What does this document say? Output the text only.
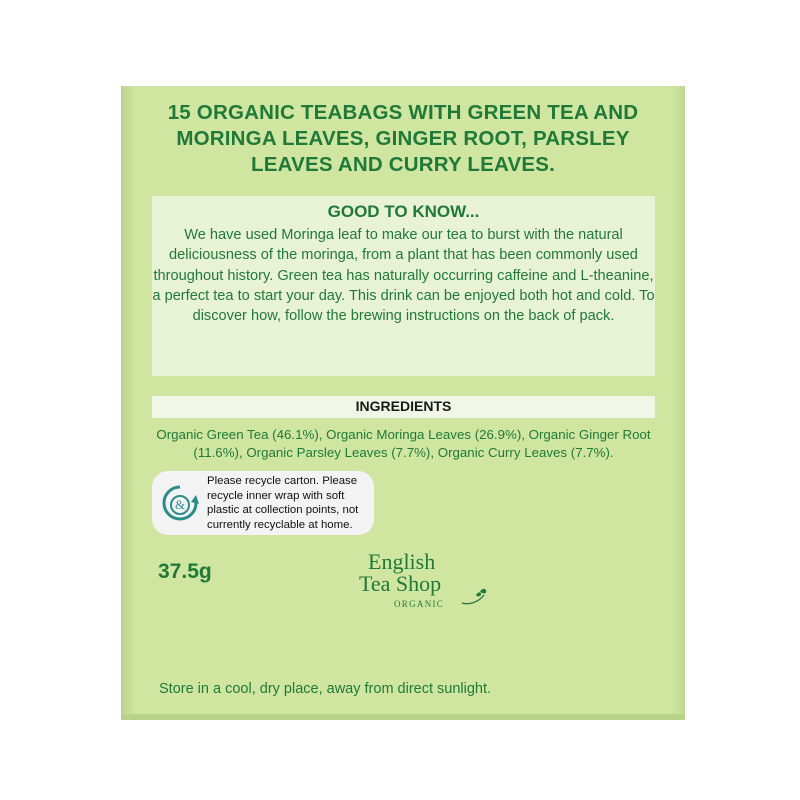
15 ORGANIC TEABAGS WITH GREEN TEA AND MORINGA LEAVES, GINGER ROOT, PARSLEY LEAVES AND CURRY LEAVES.
GOOD TO KNOW...
We have used Moringa leaf to make our tea to burst with the natural deliciousness of the moringa, from a plant that has been commonly used throughout history. Green tea has naturally occurring caffeine and L-theanine, a perfect tea to start your day. This drink can be enjoyed both hot and cold. To discover how, follow the brewing instructions on the back of pack.
INGREDIENTS
Organic Green Tea (46.1%), Organic Moringa Leaves (26.9%), Organic Ginger Root (11.6%), Organic Parsley Leaves (7.7%), Organic Curry Leaves (7.7%).
&
Please recycle carton. Please recycle inner wrap with soft plastic at collection points, not currently recyclable at home.
37.5g	English
Tea Shop
ORGANIC
Store in a cool, dry place, away from direct sunlight.
